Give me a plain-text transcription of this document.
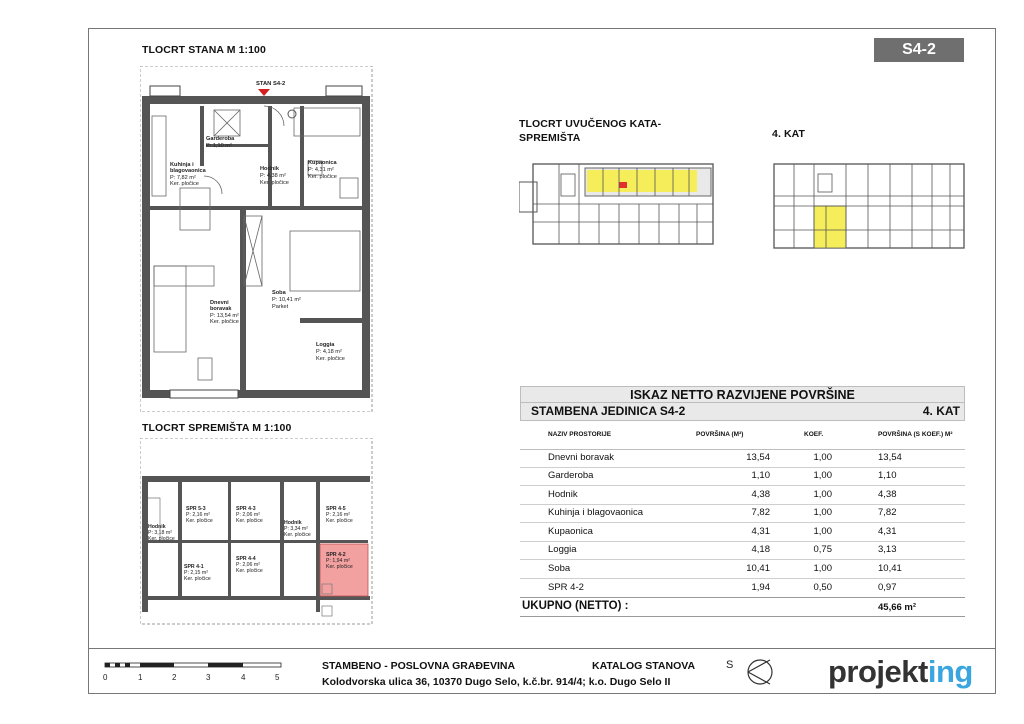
S4-2
TLOCRT STANA M 1:100
Garderoba
P: 1,10 m²
Kuhinja i
blagovaonica
P: 7,82 m²
Ker. pločice
Hodnik
P: 4,38 m²
Ker. pločice
Kupaonica
P: 4,31 m²
Ker. pločice
Dnevni
boravak
P: 13,54 m²
Ker. pločice
Soba
P: 10,41 m²
Parket
Loggia
P: 4,18 m²
Ker. pločice
STAN S4-2
TLOCRT SPREMIŠTA M 1:100
Hodnik
P: 3,18 m²
Ker. pločice
SPR 5-3
P: 2,16 m²
Ker. pločice
SPR 4-3
P: 2,06 m²
Ker. pločice	Hodnik
P: 3,34 m²
Ker. pločice
SPR 4-5
P: 2,16 m²
Ker. pločice
SPR 4-1
P: 2,15 m²
Ker. pločice
SPR 4-4
P: 2,06 m²
Ker. pločice
SPR 4-2
P: 1,94 m²
Ker. pločice
TLOCRT UVUČENOG KATA-
SPREMIŠTA	4. KAT
ISKAZ NETTO RAZVIJENE POVRŠINE
STAMBENA JEDINICA S4-2	4. KAT
NAZIV PROSTORIJE	POVRŠINA (M²)	KOEF.	POVRŠINA (S KOEF.) M²
Dnevni boravak	13,54	1,00	13,54
Garderoba	1,10	1,00	1,10
Hodnik	4,38	1,00	4,38
Kuhinja i blagovaonica	7,82	1,00	7,82
Kupaonica	4,31	1,00	4,31
Loggia	4,18	0,75	3,13
Soba	10,41	1,00	10,41
SPR 4-2	1,94	0,50	0,97
UKUPNO (NETTO) :	45,66 m²
0	1	2	3	4	5
STAMBENO - POSLOVNA GRAĐEVINA	KATALOG STANOVA
Kolodvorska ulica 36, 10370 Dugo Selo, k.č.br. 914/4; k.o. Dugo Selo II
S	projekting
